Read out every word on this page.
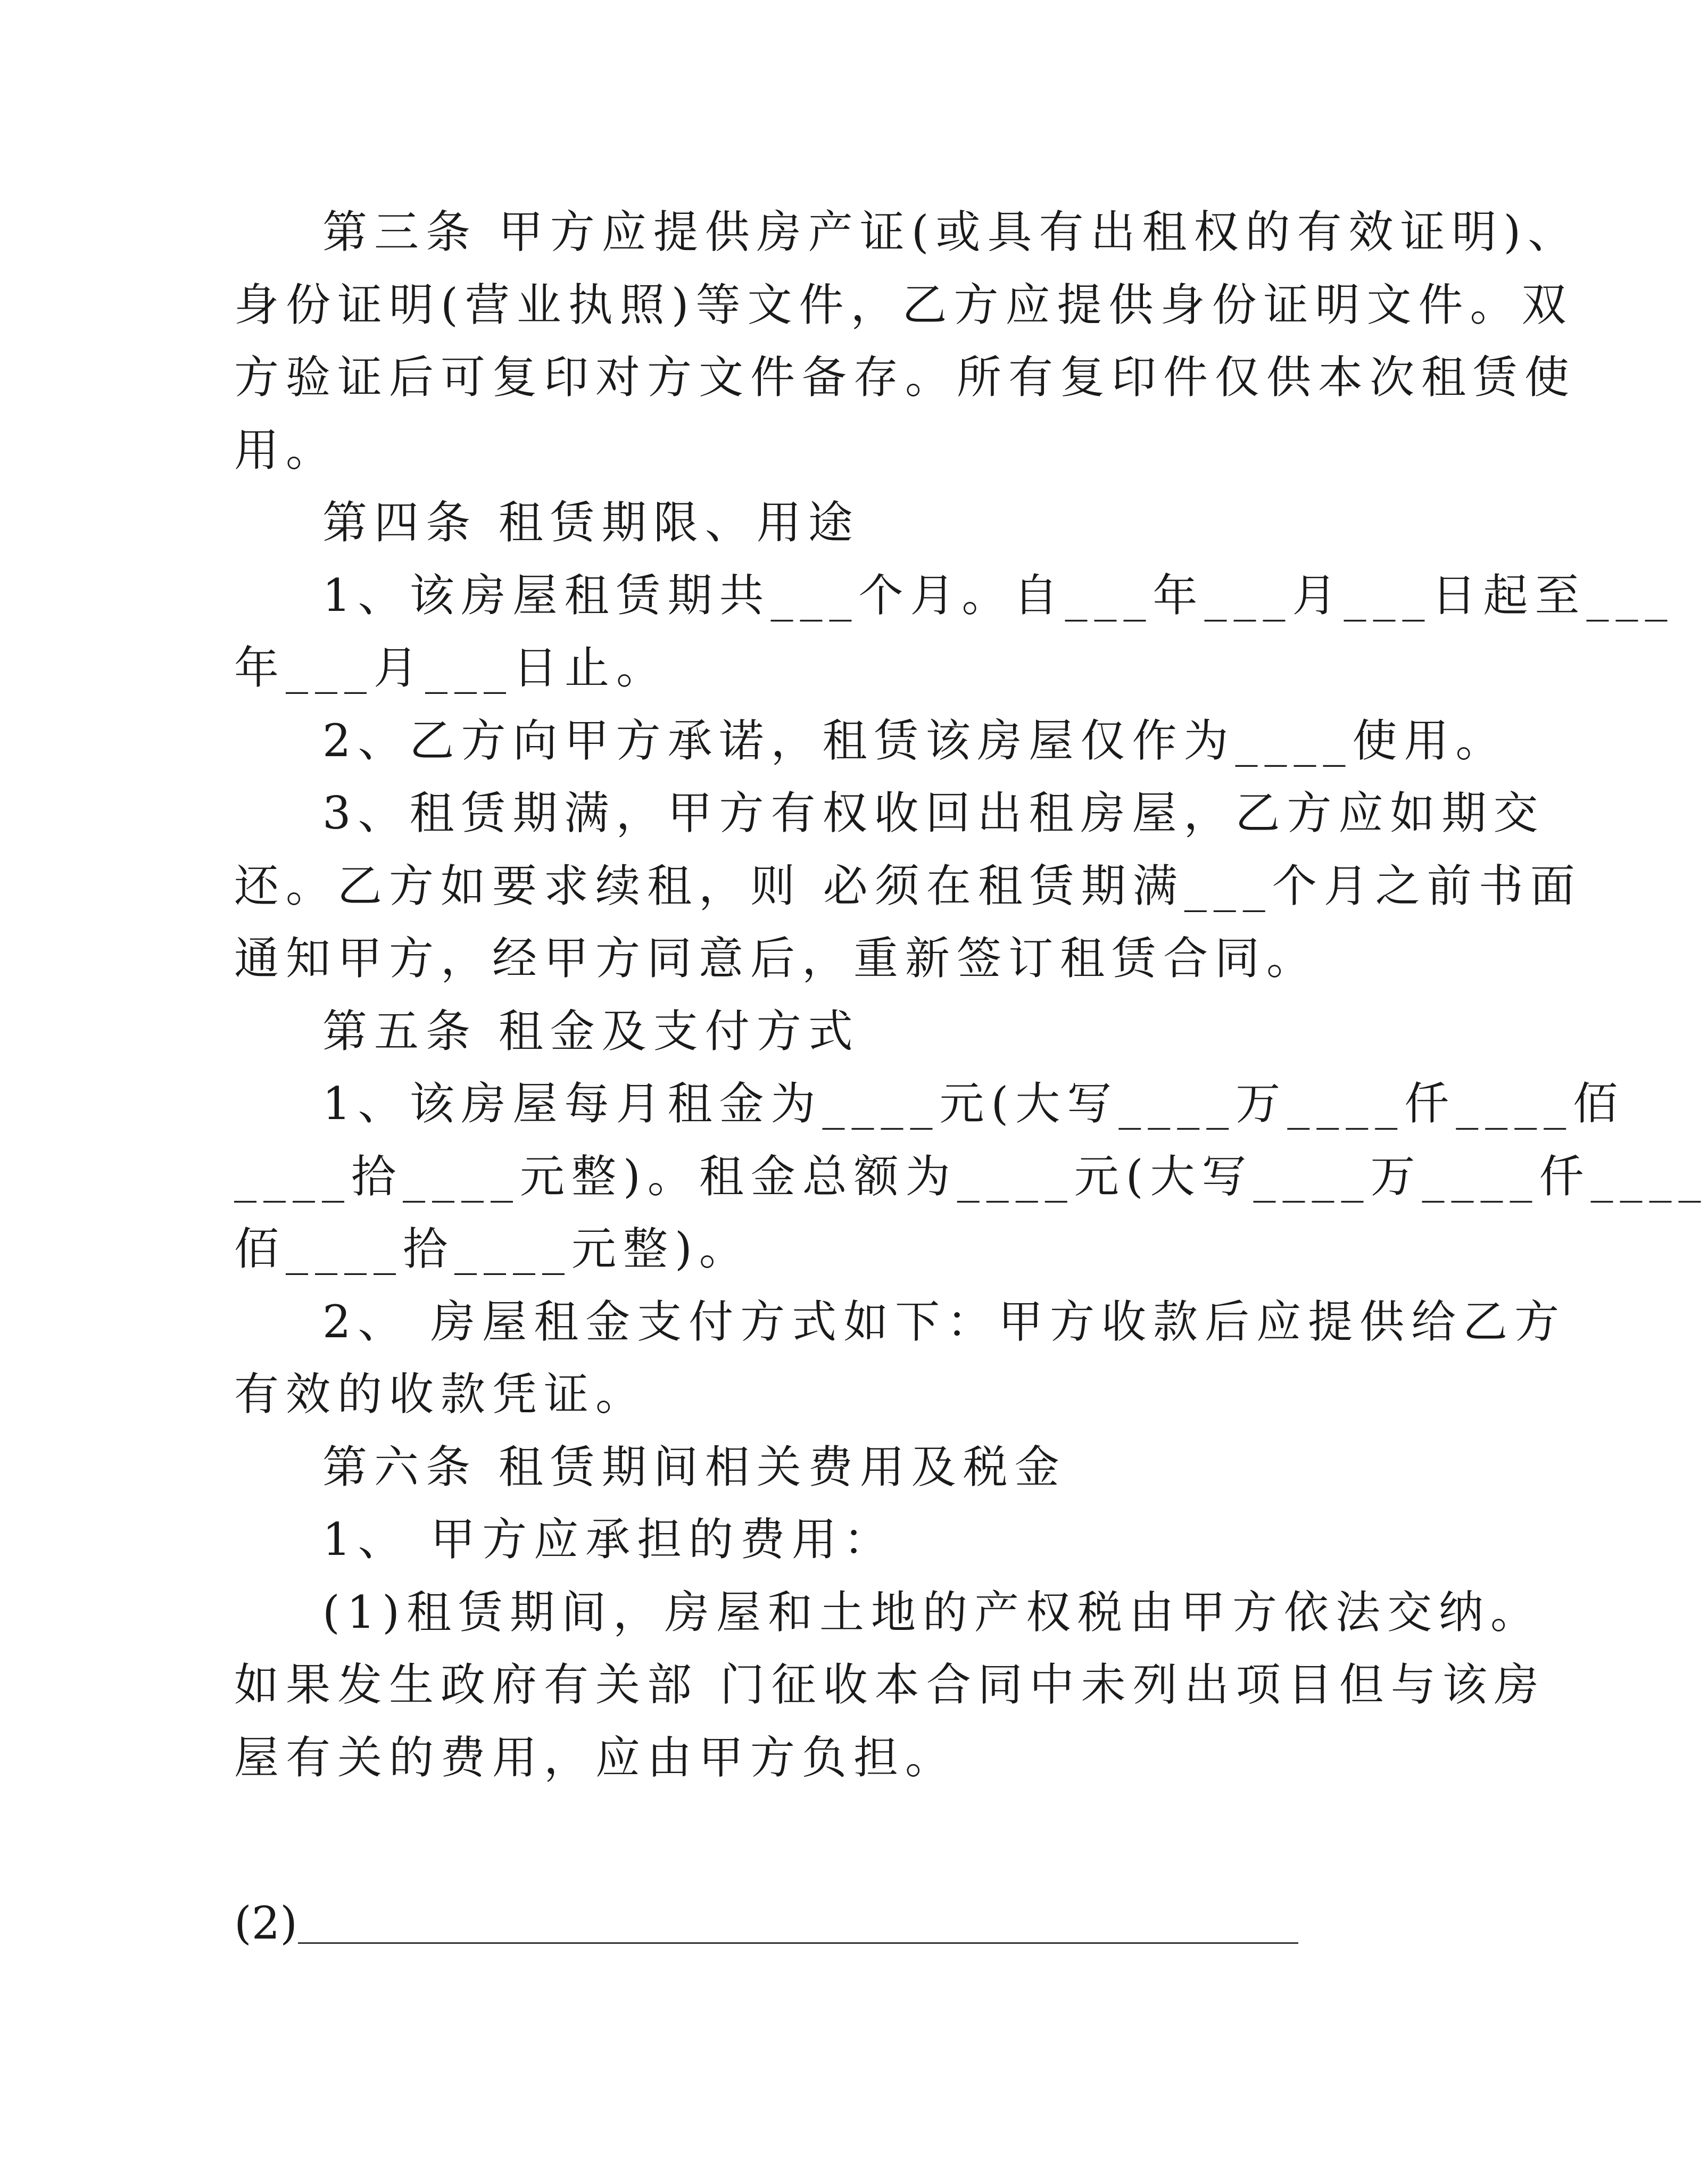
第三条 甲方应提供房产证(或具有出租权的有效证明)、
身份证明(营业执照)等文件，乙方应提供身份证明文件。双
方验证后可复印对方文件备存。所有复印件仅供本次租赁使
用。
第四条 租赁期限、用途
1、该房屋租赁期共___个月。自___年___月___日起至___
年___月___日止。
2、乙方向甲方承诺，租赁该房屋仅作为____使用。
3、租赁期满，甲方有权收回出租房屋，乙方应如期交
还。乙方如要求续租，则 必须在租赁期满___个月之前书面
通知甲方，经甲方同意后，重新签订租赁合同。
第五条 租金及支付方式
1、该房屋每月租金为____元(大写____万____仟____佰
____拾____元整)。租金总额为____元(大写____万____仟____
佰____拾____元整)。
2、 房屋租金支付方式如下：甲方收款后应提供给乙方
有效的收款凭证。
第六条 租赁期间相关费用及税金
1、 甲方应承担的费用：
(1)租赁期间，房屋和土地的产权税由甲方依法交纳。
如果发生政府有关部 门征收本合同中未列出项目但与该房
屋有关的费用，应由甲方负担。
(2)
